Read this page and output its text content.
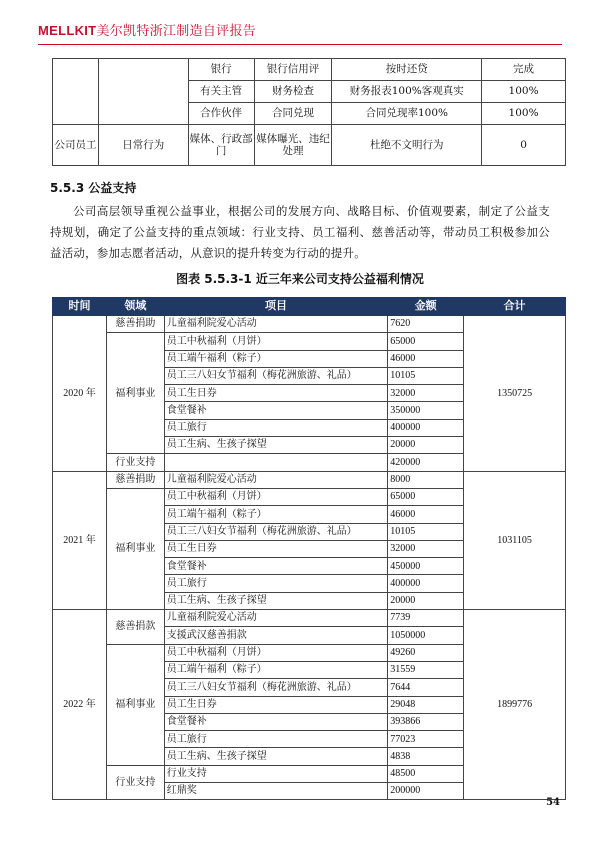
MELLKIT美尔凯特浙江制造自评报告
		银行	银行信用评	按时还贷	完成
		有关主管	财务检查	财务报表100%客观真实	100%
		合作伙伴	合同兑现	合同兑现率100%	100%
公司员工	日常行为	媒体、行政部门	媒体曝光、违纪处理	杜绝不文明行为	0
5.5.3 公益支持
公司高层领导重视公益事业，根据公司的发展方向、战略目标、价值观要素，制定了公益支持规划，确定了公益支持的重点领域：行业支持、员工福利、慈善活动等，带动员工积极参加公益活动，参加志愿者活动，从意识的提升转变为行动的提升。
图表 5.5.3-1 近三年来公司支持公益福利情况
时间	领域	项目	金额	合计
2020 年	慈善捐助	儿童福利院爱心活动	7620	1350725
	福利事业	员工中秋福利（月饼）	65000	
		员工端午福利（粽子）	46000	
		员工三八妇女节福利（梅花洲旅游、礼品）	10105	
		员工生日券	32000	
		食堂餐补	350000	
		员工旅行	400000	
		员工生病、生孩子探望	20000	
	行业支持		420000	
2021 年	慈善捐助	儿童福利院爱心活动	8000	1031105
	福利事业	员工中秋福利（月饼）	65000	
		员工端午福利（粽子）	46000	
		员工三八妇女节福利（梅花洲旅游、礼品）	10105	
		员工生日券	32000	
		食堂餐补	450000	
		员工旅行	400000	
		员工生病、生孩子探望	20000	
2022 年	慈善捐款	儿童福利院爱心活动	7739	1899776
		支援武汉慈善捐款	1050000	
	福利事业	员工中秋福利（月饼）	49260	
		员工端午福利（粽子）	31559	
		员工三八妇女节福利（梅花洲旅游、礼品）	7644	
		员工生日券	29048	
		食堂餐补	393866	
		员工旅行	77023	
		员工生病、生孩子探望	4838	
	行业支持	行业支持	48500	
		红鼎奖	200000	
54
